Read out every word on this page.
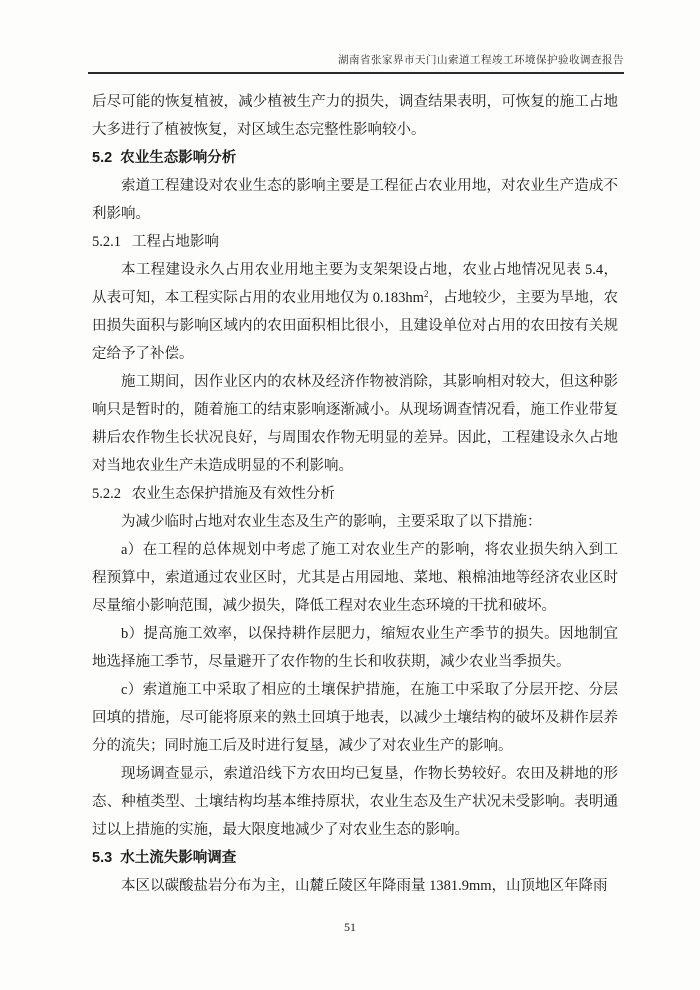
湖南省张家界市天门山索道工程竣工环境保护验收调查报告

后尽可能的恢复植被，减少植被生产力的损失，调查结果表明，可恢复的施工占地大多进行了植被恢复，对区域生态完整性影响较小。

5.2  农业生态影响分析

索道工程建设对农业生态的影响主要是工程征占农业用地，对农业生产造成不利影响。

5.2.1   工程占地影响

本工程建设永久占用农业用地主要为支架架设占地，农业占地情况见表 5.4，从表可知，本工程实际占用的农业用地仅为 $0.183hm^2$，占地较少，主要为旱地，农田损失面积与影响区域内的农田面积相比很小，且建设单位对占用的农田按有关规定给予了补偿。

施工期间，因作业区内的农林及经济作物被消除，其影响相对较大，但这种影响只是暂时的，随着施工的结束影响逐渐减小。从现场调查情况看，施工作业带复耕后农作物生长状况良好，与周围农作物无明显的差异。因此，工程建设永久占地对当地农业生产未造成明显的不利影响。

5.2.2   农业生态保护措施及有效性分析

为减少临时占地对农业生态及生产的影响，主要采取了以下措施：

a）在工程的总体规划中考虑了施工对农业生产的影响，将农业损失纳入到工程预算中，索道通过农业区时，尤其是占用园地、菜地、粮棉油地等经济农业区时尽量缩小影响范围，减少损失，降低工程对农业生态环境的干扰和破坏。

b）提高施工效率，以保持耕作层肥力，缩短农业生产季节的损失。因地制宜地选择施工季节，尽量避开了农作物的生长和收获期，减少农业当季损失。

c）索道施工中采取了相应的土壤保护措施，在施工中采取了分层开挖、分层回填的措施，尽可能将原来的熟土回填于地表，以减少土壤结构的破坏及耕作层养分的流失；同时施工后及时进行复垦，减少了对农业生产的影响。

现场调查显示，索道沿线下方农田均已复垦，作物长势较好。农田及耕地的形态、种植类型、土壤结构均基本维持原状，农业生态及生产状况未受影响。表明通过以上措施的实施，最大限度地减少了对农业生态的影响。

5.3  水土流失影响调查

本区以碳酸盐岩分布为主，山麓丘陵区年降雨量 1381.9mm，山顶地区年降雨

51
